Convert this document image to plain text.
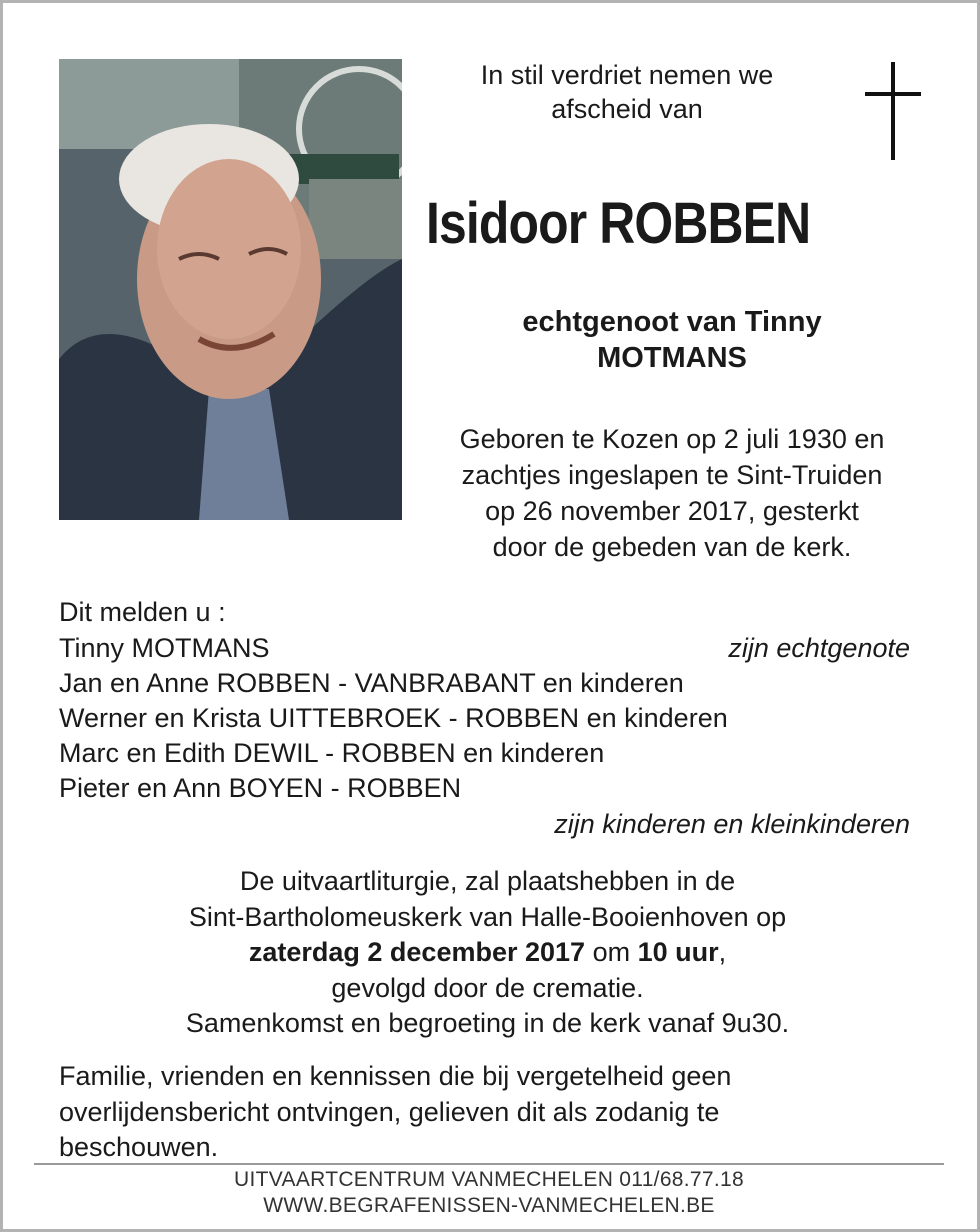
In stil verdriet nemen we
afscheid van
Isidoor ROBBEN
echtgenoot van Tinny
MOTMANS
Geboren te Kozen op 2 juli 1930 en
zachtjes ingeslapen te Sint-Truiden
op 26 november 2017, gesterkt
door de gebeden van de kerk.
Dit melden u :
Tinny MOTMANS	zijn echtgenote
Jan en Anne ROBBEN - VANBRABANT en kinderen
Werner en Krista UITTEBROEK - ROBBEN en kinderen
Marc en Edith DEWIL - ROBBEN en kinderen
Pieter en Ann BOYEN - ROBBEN
zijn kinderen en kleinkinderen
De uitvaartliturgie, zal plaatshebben in de
Sint-Bartholomeuskerk van Halle-Booienhoven op
zaterdag 2 december 2017 om 10 uur,
gevolgd door de crematie.
Samenkomst en begroeting in de kerk vanaf 9u30.
Familie, vrienden en kennissen die bij vergetelheid geen
overlijdensbericht ontvingen, gelieven dit als zodanig te
beschouwen.
UITVAARTCENTRUM VANMECHELEN 011/68.77.18
WWW.BEGRAFENISSEN-VANMECHELEN.BE
